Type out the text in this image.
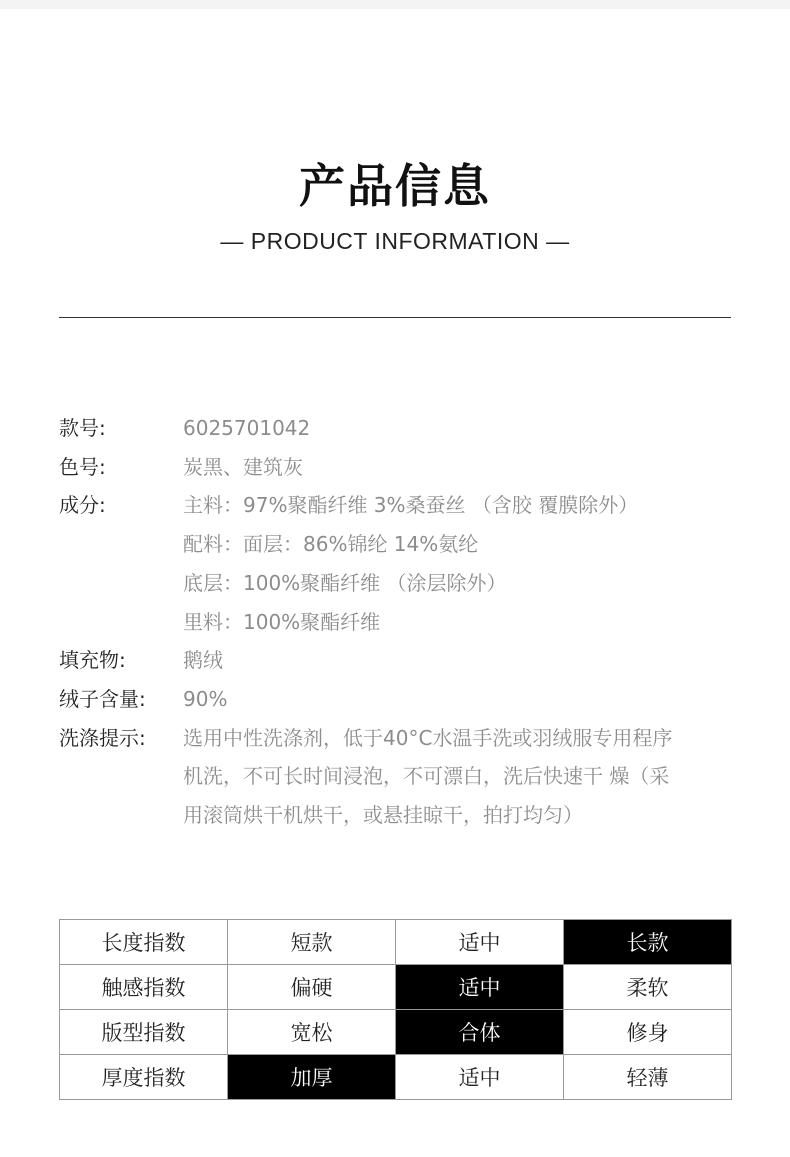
产品信息
— PRODUCT INFORMATION —
款号:	6025701042
色号:	炭黑、建筑灰
成分:	主料：97%聚酯纤维 3%桑蚕丝 （含胶 覆膜除外）
配料：面层：86%锦纶 14%氨纶
底层：100%聚酯纤维 （涂层除外）
里料：100%聚酯纤维
填充物:	鹅绒
绒子含量:	90%
洗涤提示:	选用中性洗涤剂，低于40°C水温手洗或羽绒服专用程序
机洗，不可长时间浸泡，不可漂白，洗后快速干 燥（采
用滚筒烘干机烘干，或悬挂晾干，拍打均匀）
长度指数	短款	适中	长款
触感指数	偏硬	适中	柔软
版型指数	宽松	合体	修身
厚度指数	加厚	适中	轻薄
